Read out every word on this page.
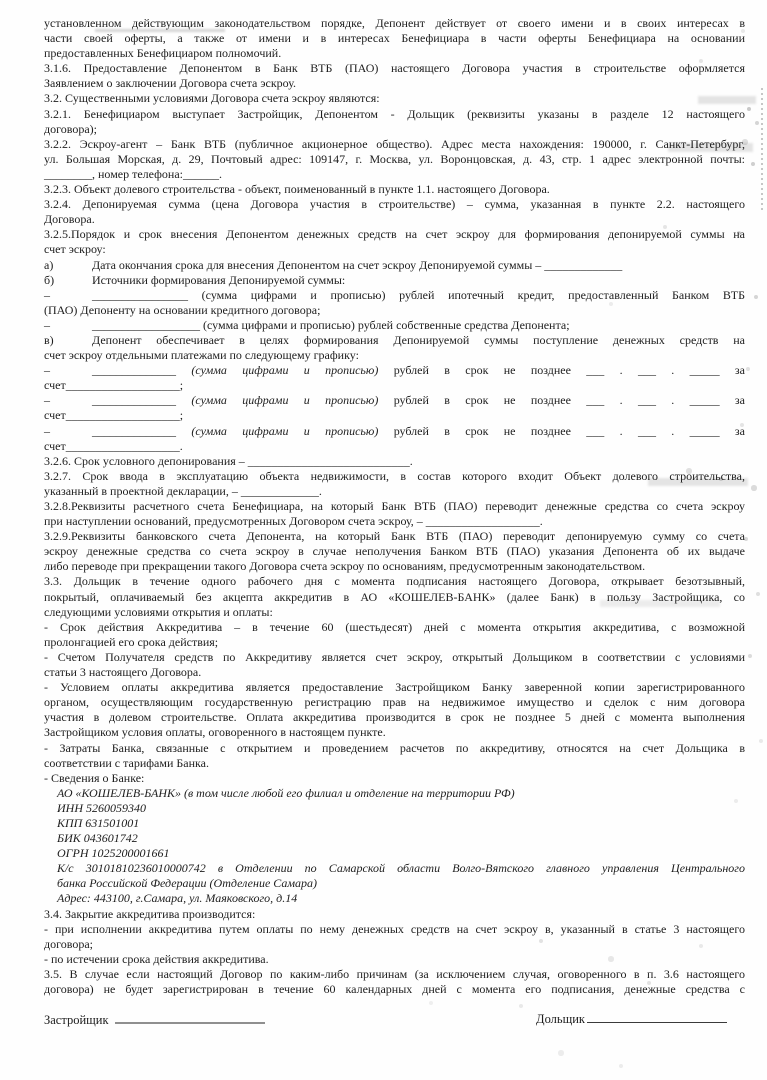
установленном действующим законодательством порядке, Депонент действует от своего имени и в своих интересах в
части своей оферты, а также от имени и в интересах Бенефициара в части оферты Бенефициара на основании
предоставленных Бенефициаром полномочий.
3.1.6. Предоставление Депонентом в Банк ВТБ (ПАО) настоящего Договора участия в строительстве оформляется
Заявлением о заключении Договора счета эскроу.
3.2. Существенными условиями Договора счета эскроу являются:
3.2.1. Бенефициаром выступает Застройщик, Депонентом - Дольщик (реквизиты указаны в разделе 12 настоящего
договора);
3.2.2. Эскроу-агент – Банк ВТБ (публичное акционерное общество). Адрес места нахождения: 190000, г. Санкт-Петербург,
ул. Большая Морская, д. 29, Почтовый адрес: 109147, г. Москва, ул. Воронцовская, д. 43, стр. 1 адрес электронной почты:
________, номер телефона:______.
3.2.3. Объект долевого строительства - объект, поименованный в пункте 1.1. настоящего Договора.
3.2.4. Депонируемая сумма (цена Договора участия в строительстве) – сумма, указанная в пункте 2.2. настоящего
Договора.
3.2.5.Порядок и срок внесения Депонентом денежных средств на счет эскроу для формирования депонируемой суммы на
счет эскроу:
а)	Дата окончания срока для внесения Депонентом на счет эскроу Депонируемой суммы – _____________
б)	Источники формирования Депонируемой суммы:
–	________________ (сумма цифрами и прописью) рублей ипотечный кредит, предоставленный Банком ВТБ
(ПАО) Депоненту на основании кредитного договора;
–	__________________ (сумма цифрами и прописью) рублей собственные средства Депонента;
в)	Депонент обеспечивает в целях формирования Депонируемой суммы поступление денежных средств на
счет эскроу отдельными платежами по следующему графику:
–	______________ (сумма цифрами и прописью) рублей в срок не позднее ___ . ___ . _____ за
счет___________________;
–	______________ (сумма цифрами и прописью) рублей в срок не позднее ___ . ___ . _____ за
счет___________________;
–	______________ (сумма цифрами и прописью) рублей в срок не позднее ___ . ___ . _____ за
счет___________________.
3.2.6. Срок условного депонирования – ___________________________.
3.2.7. Срок ввода в эксплуатацию объекта недвижимости, в состав которого входит Объект долевого строительства,
указанный в проектной декларации, – _____________.
3.2.8.Реквизиты расчетного счета Бенефициара, на который Банк ВТБ (ПАО) переводит денежные средства со счета эскроу
при наступлении оснований, предусмотренных Договором счета эскроу, – ___________________.
3.2.9.Реквизиты банковского счета Депонента, на который Банк ВТБ (ПАО) переводит депонируемую сумму со счета
эскроу денежные средства со счета эскроу в случае неполучения Банком ВТБ (ПАО) указания Депонента об их выдаче
либо переводе при прекращении такого Договора счета эскроу по основаниям, предусмотренным законодательством.
3.3. Дольщик в течение одного рабочего дня с момента подписания настоящего Договора, открывает безотзывный,
покрытый, оплачиваемый без акцепта аккредитив в АО «КОШЕЛЕВ-БАНК» (далее Банк) в пользу Застройщика, со
следующими условиями открытия и оплаты:
- Срок действия Аккредитива – в течение 60 (шестьдесят) дней с момента открытия аккредитива, с возможной
пролонгацией его срока действия;
- Счетом Получателя средств по Аккредитиву является счет эскроу, открытый Дольщиком в соответствии с условиями
статьи 3 настоящего Договора.
- Условием оплаты аккредитива является предоставление Застройщиком Банку заверенной копии зарегистрированного
органом, осуществляющим государственную регистрацию прав на недвижимое имущество и сделок с ним договора
участия в долевом строительстве. Оплата аккредитива производится в срок не позднее 5 дней с момента выполнения
Застройщиком условия оплаты, оговоренного в настоящем пункте.
- Затраты Банка, связанные с открытием и проведением расчетов по аккредитиву, относятся на счет Дольщика в
соответствии с тарифами Банка.
- Сведения о Банке:
АО «КОШЕЛЕВ-БАНК» (в том числе любой его филиал и отделение на территории РФ)
ИНН 5260059340
КПП 631501001
БИК 043601742
ОГРН 1025200001661
К/с 30101810236010000742 в Отделении по Самарской области Волго-Вятского главного управления Центрального
банка Российской Федерации (Отделение Самара)
Адрес: 443100, г.Самара, ул. Маяковского, д.14
3.4. Закрытие аккредитива производится:
- при исполнении аккредитива путем оплаты по нему денежных средств на счет эскроу в, указанный в статье 3 настоящего
договора;
- по истечении срока действия аккредитива.
3.5. В случае если настоящий Договор по каким-либо причинам (за исключением случая, оговоренного в п. 3.6 настоящего
договора) не будет зарегистрирован в течение 60 календарных дней с момента его подписания, денежные средства с
Застройщик	Дольщик
